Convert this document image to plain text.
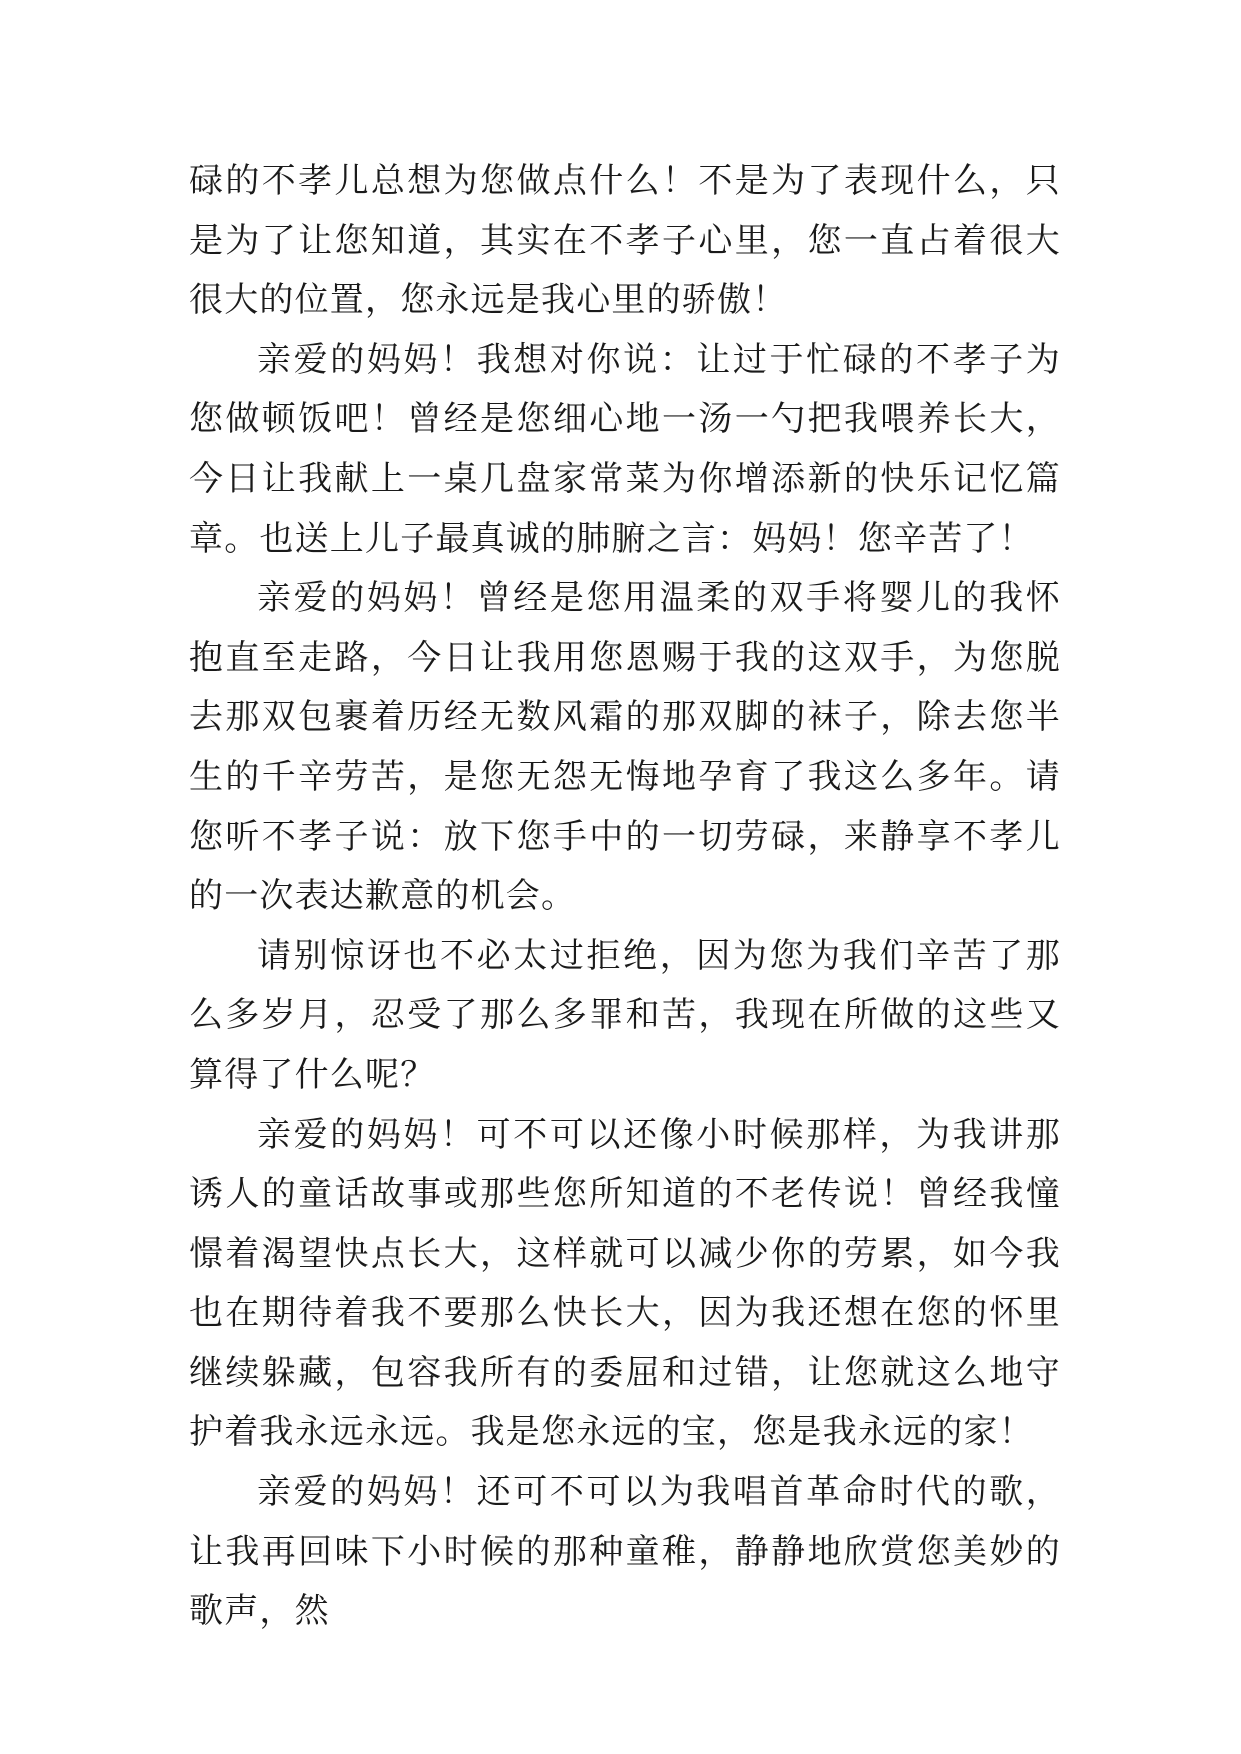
碌的不孝儿总想为您做点什么！不是为了表现什么，只是为了让您知道，其实在不孝子心里，您一直占着很大很大的位置，您永远是我心里的骄傲！

亲爱的妈妈！我想对你说：让过于忙碌的不孝子为您做顿饭吧！曾经是您细心地一汤一勺把我喂养长大，今日让我献上一桌几盘家常菜为你增添新的快乐记忆篇章。也送上儿子最真诚的肺腑之言：妈妈！您辛苦了！

亲爱的妈妈！曾经是您用温柔的双手将婴儿的我怀抱直至走路，今日让我用您恩赐于我的这双手，为您脱去那双包裹着历经无数风霜的那双脚的袜子，除去您半生的千辛劳苦，是您无怨无悔地孕育了我这么多年。请您听不孝子说：放下您手中的一切劳碌，来静享不孝儿的一次表达歉意的机会。

请别惊讶也不必太过拒绝，因为您为我们辛苦了那么多岁月，忍受了那么多罪和苦，我现在所做的这些又算得了什么呢？

亲爱的妈妈！可不可以还像小时候那样，为我讲那诱人的童话故事或那些您所知道的不老传说！曾经我憧憬着渴望快点长大，这样就可以减少你的劳累，如今我也在期待着我不要那么快长大，因为我还想在您的怀里继续躲藏，包容我所有的委屈和过错，让您就这么地守护着我永远永远。我是您永远的宝，您是我永远的家！

亲爱的妈妈！还可不可以为我唱首革命时代的歌，让我再回味下小时候的那种童稚，静静地欣赏您美妙的歌声，然
